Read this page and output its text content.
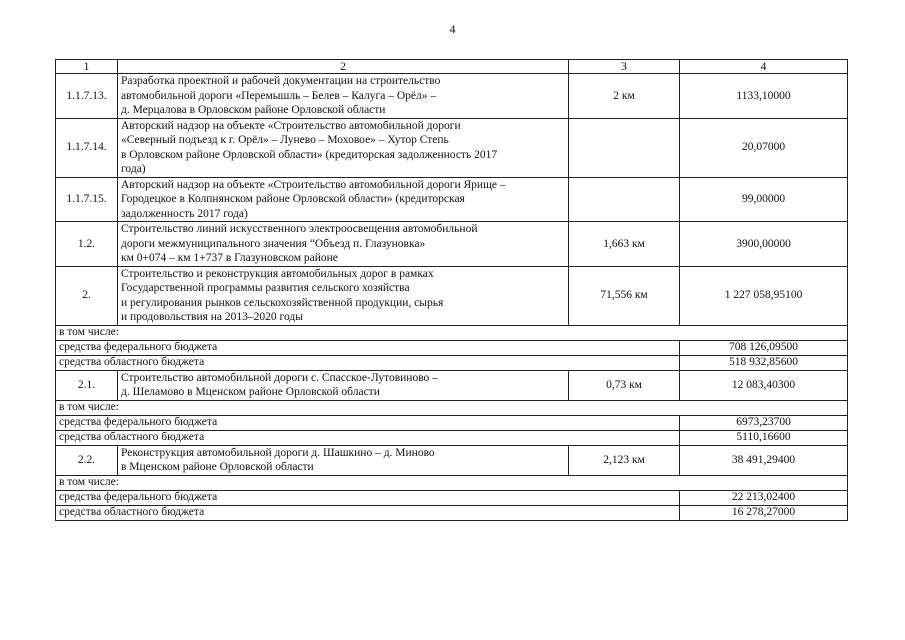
4
1	2	3	4
1.1.7.13.	Разработка проектной и рабочей документации на строительство
автомобильной дороги «Перемышль – Белев – Калуга – Орёл» –
д. Мерцалова в Орловском районе Орловской области	2 км	1133,10000
1.1.7.14.	Авторский надзор на объекте «Строительство автомобильной дороги
«Северный подъезд к г. Орёл» – Лунево – Моховое» – Хутор Степь
в Орловском районе Орловской области» (кредиторская задолженность 2017
года)		20,07000
1.1.7.15.	Авторский надзор на объекте «Строительство автомобильной дороги Ярище –
Городецкое в Колпнянском районе Орловской области» (кредиторская
задолженность 2017 года)		99,00000
1.2.	Строительство линий искусственного электроосвещения автомобильной
дороги межмуниципального значения “Объезд п. Глазуновка»
км 0+074 – км 1+737 в Глазуновском районе	1,663 км	3900,00000
2.	Строительство и реконструкция автомобильных дорог в рамках
Государственной программы развития сельского хозяйства
и регулирования рынков сельскохозяйственной продукции, сырья
и продовольствия на 2013–2020 годы	71,556 км	1 227 058,95100
в том числе:			
средства федерального бюджета			708 126,09500
средства областного бюджета			518 932,85600
2.1.	Строительство автомобильной дороги с. Спасское-Лутовиново –
д. Шеламово в Мценском районе Орловской области	0,73 км	12 083,40300
в том числе:			
средства федерального бюджета			6973,23700
средства областного бюджета			5110,16600
2.2.	Реконструкция автомобильной дороги д. Шашкино – д. Миново
в Мценском районе Орловской области	2,123 км	38 491,29400
в том числе:			
средства федерального бюджета			22 213,02400
средства областного бюджета			16 278,27000
